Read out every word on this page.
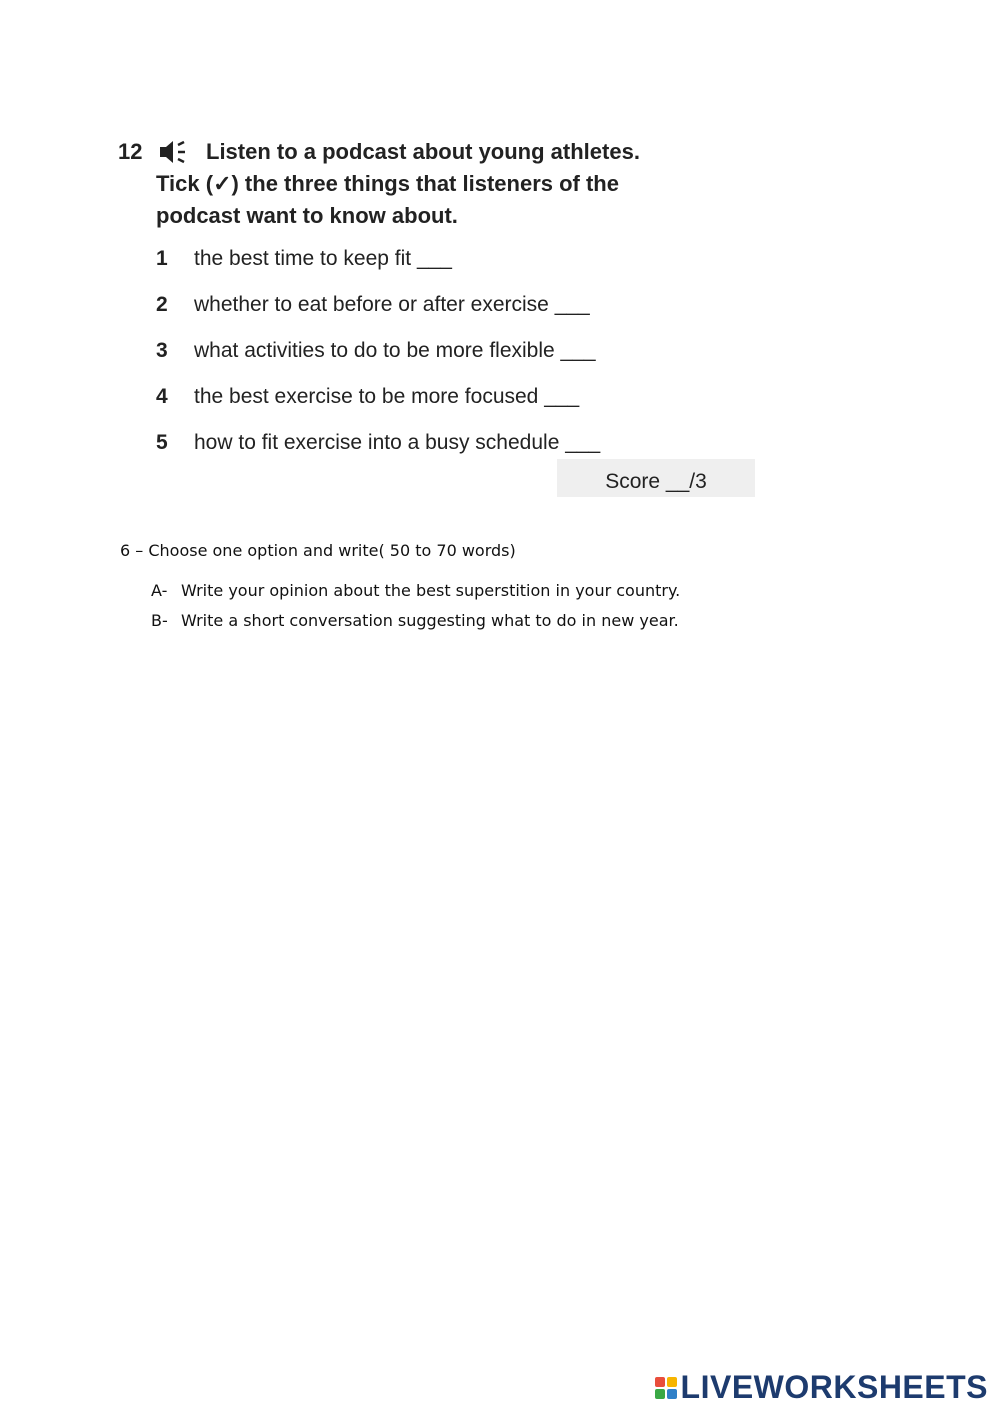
12	Listen to a podcast about young athletes.
Tick (✓) the three things that listeners of the
podcast want to know about.
1	the best time to keep fit ___
2	whether to eat before or after exercise ___
3	what activities to do to be more flexible ___
4	the best exercise to be more focused ___
5	how to fit exercise into a busy schedule ___
Score __/3

6 – Choose one option and write( 50 to 70 words)

A- Write your opinion about the best superstition in your country.
B- Write a short conversation suggesting what to do in new year.
LIVEWORKSHEETS
